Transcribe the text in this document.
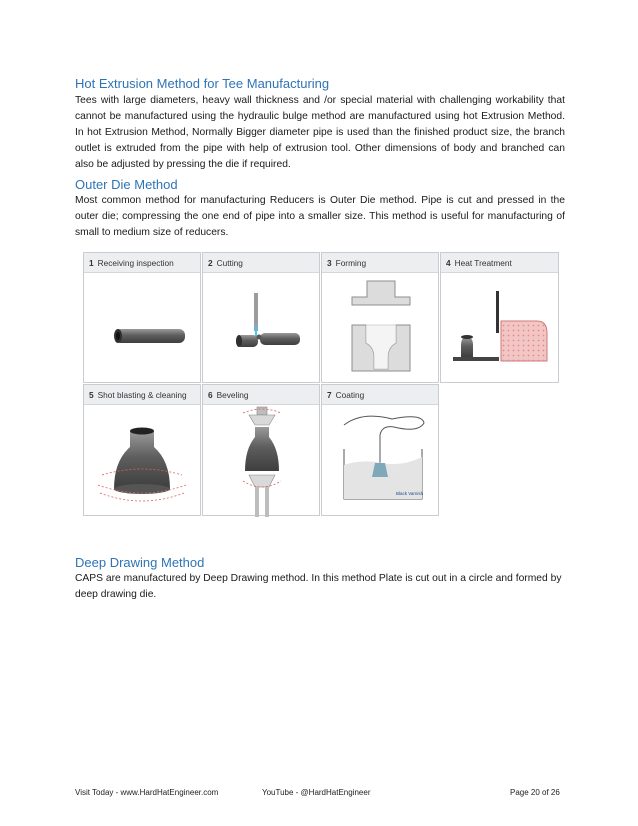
Hot Extrusion Method for Tee Manufacturing

Tees with large diameters, heavy wall thickness and /or special material with challenging workability that cannot be manufactured using the hydraulic bulge method are manufactured using hot Extrusion Method. In hot Extrusion Method, Normally Bigger diameter pipe is used than the finished product size, the branch outlet is extruded from the pipe with help of extrusion tool. Other dimensions of body and branched can also be adjusted by pressing the die if required.

Outer Die Method

Most common method for manufacturing Reducers is Outer Die method. Pipe is cut and pressed in the outer die; compressing the one end of pipe into a smaller size. This method is useful for manufacturing of small to medium size of reducers.

1 Receiving inspection	2 Cutting	3 Forming	4 Heat Treatment
5 Shot blasting & cleaning	6 Beveling	7 Coating
Black Varnish
Deep Drawing Method

CAPS are manufactured by Deep Drawing method. In this method Plate is cut out in a circle and formed by deep drawing die.

Visit Today - www.HardHatEngineer.com	YouTube - @HardHatEngineer	Page 20 of 26
